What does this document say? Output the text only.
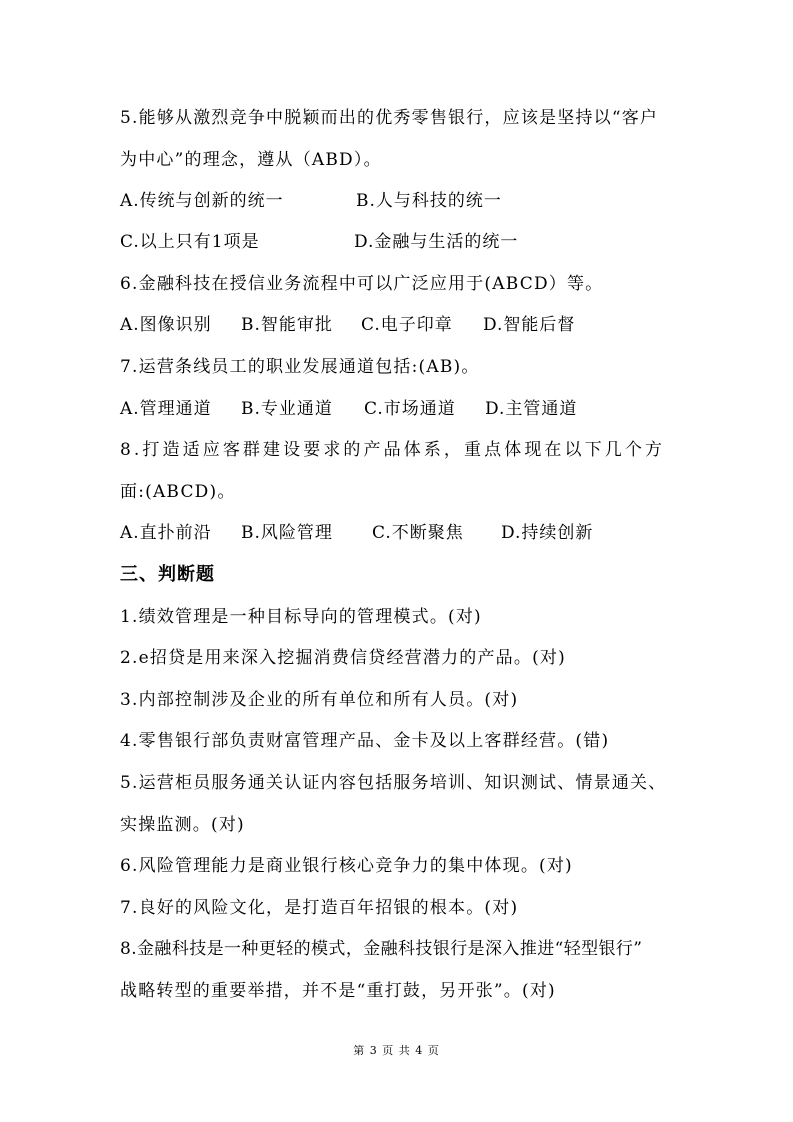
5.能够从激烈竞争中脱颖而出的优秀零售银行，应该是坚持以“客户
为中心”的理念，遵从（ABD）。
A.传统与创新的统一	B.人与科技的统一
C.以上只有1项是	D.金融与生活的统一
6.金融科技在授信业务流程中可以广泛应用于(ABCD）等。
A.图像识别 B.智能审批 C.电子印章 D.智能后督
7.运营条线员工的职业发展通道包括:(AB)。
A.管理通道 B.专业通道 C.市场通道 D.主管通道
8.打造适应客群建设要求的产品体系，重点体现在以下几个方
面:(ABCD)。
A.直扑前沿 B.风险管理 C.不断聚焦 D.持续创新
三、判断题
1.绩效管理是一种目标导向的管理模式。(对)
2.e招贷是用来深入挖掘消费信贷经营潜力的产品。(对)
3.内部控制涉及企业的所有单位和所有人员。(对)
4.零售银行部负责财富管理产品、金卡及以上客群经营。(错)
5.运营柜员服务通关认证内容包括服务培训、知识测试、情景通关、
实操监测。(对)
6.风险管理能力是商业银行核心竞争力的集中体现。(对)
7.良好的风险文化，是打造百年招银的根本。(对)
8.金融科技是一种更轻的模式，金融科技银行是深入推进“轻型银行”
战略转型的重要举措，并不是“重打鼓，另开张”。(对)
第 3 页 共 4 页
